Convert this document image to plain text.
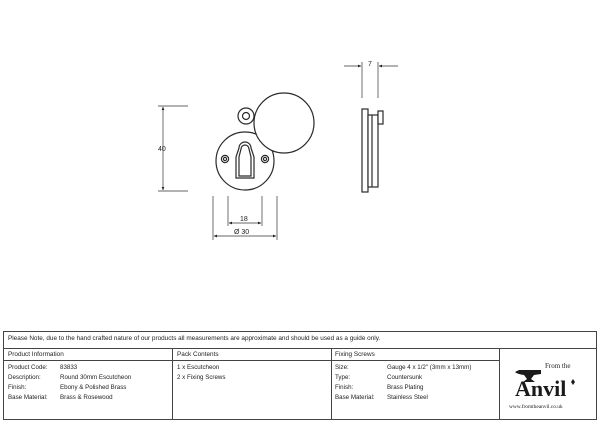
40
18
Ø 30
7
Please Note, due to the hand crafted nature of our products all measurements are approximate and should be used as a guide only.
Product Information	Pack Contents	Fixing Screws
Product Code: 83833
Description:	Round 30mm Escutcheon
Finish:	Ebony & Polished Brass
Base Material: Brass & Rosewood
1 x Escutcheon
2 x Fixing Screws
Size:	Gauge 4 x 1/2" (3mm x 13mm)
Type:	Countersunk
Finish:	Brass Plating
Base Material: Stainless Steel
From the
Anvil
www.fromtheanvil.co.uk
